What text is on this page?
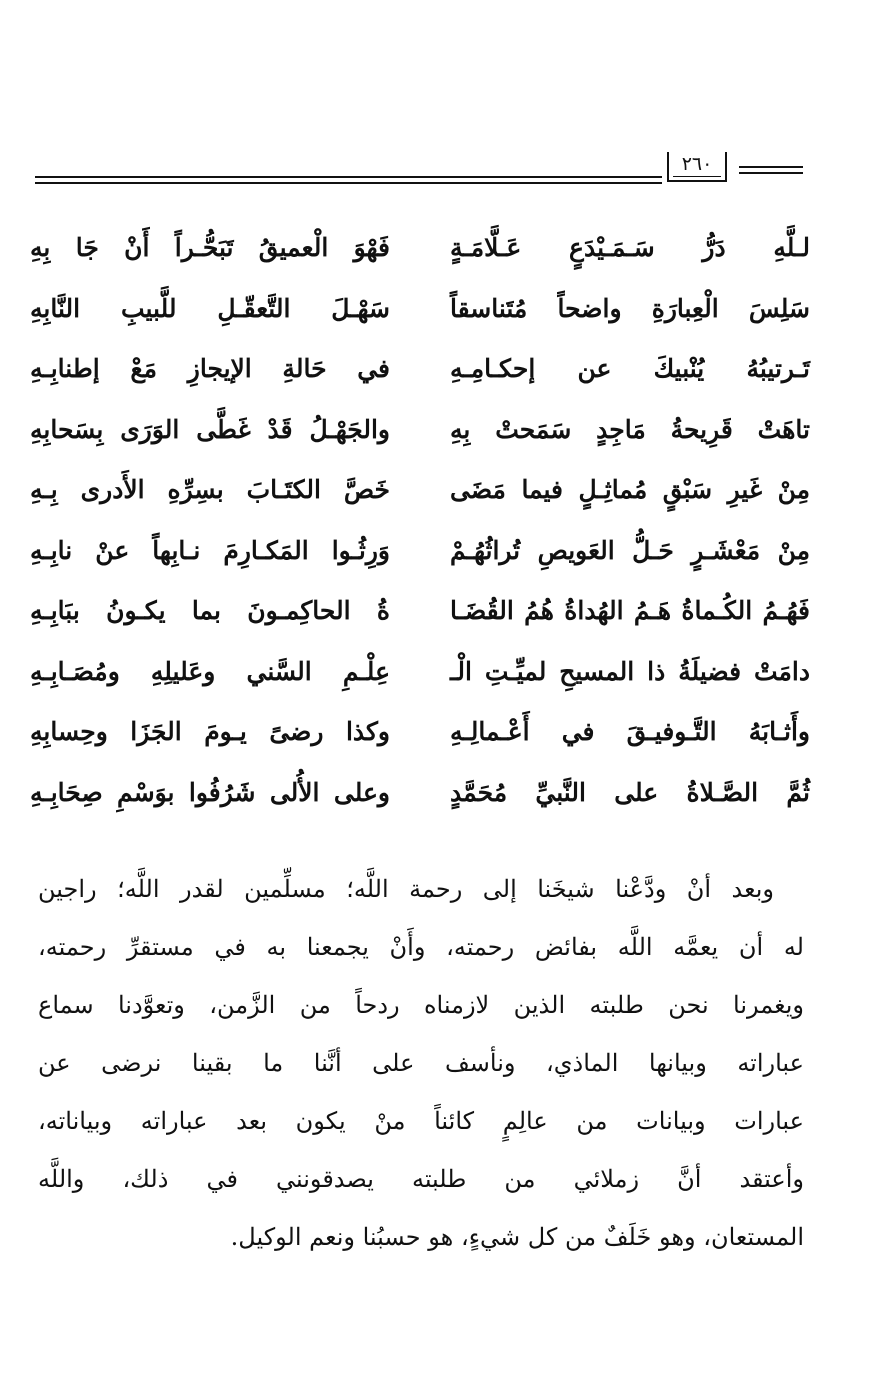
٢٦٠
لـلَّهِ دَرُّ سَـمَـيْدَعٍ عَـلَّامَـةٍ
فَهْوَ الْعميقُ تَبَحُّـراً أَنْ جَا بِهِ
سَلِسَ الْعِبارَةِ واضحاً مُتَناسقاً
سَهْـلَ التَّعقّـلِ للَّبيبِ النَّابِهِ
تَـرتيبُهُ يُنْبيكَ عن إحكـامِـهِ
في حَالةِ الإيجازِ مَعْ إطنابِـهِ
تاهَتْ قَرِيحةُ مَاجِدٍ سَمَحتْ بِهِ
والجَهْـلُ قَدْ غَطَّى الوَرَى بِسَحابِهِ
مِنْ غَيرِ سَبْقٍ مُماثِـلٍ فيما مَضَى
خَصَّ الكتَـابَ بسِرِّهِ الأَدرى بِـهِ
مِنْ مَعْشَـرٍ حَـلُّ العَويصِ تُراثُهُـمْ
وَرِثُـوا المَكـارِمَ نـابِهاً عنْ نابِـهِ
فَهُـمُ الكُـماةُ هَـمُ الهُداةُ هُمُ القُضَـا
ةُ الحاكِمـونَ بما يكـونُ ببَابِـهِ
دامَتْ فضيلَةُ ذا المسيحِ لميِّـتِ الْـ
عِلْـمِ السَّني وعَليلِهِ ومُصَـابِـهِ
وأَثـابَهُ التَّـوفيـقَ في أَعْـمالِـهِ
وكذا رضىً يـومَ الجَزَا وحِسابِهِ
ثُمَّ الصَّـلاةُ على النَّبيِّ مُحَمَّدٍ
وعلى الأُلى شَرُفُوا بوَسْمِ صِحَابِـهِ
وبعد أنْ ودَّعْنا شيخَنا إلى رحمة اللَّه؛ مسلِّمين لقدر اللَّه؛ راجين
له أن يعمَّه اللَّه بفائض رحمته، وأَنْ يجمعنا به في مستقرِّ رحمته،
ويغمرنا نحن طلبته الذين لازمناه ردحاً من الزَّمن، وتعوَّدنا سماع
عباراته وبيانها الماذي، ونأسف على أنَّنا ما بقينا نرضى عن
عبارات وبيانات من عالِمٍ كائناً منْ يكون بعد عباراته وبياناته،
وأعتقد أنَّ زملائي من طلبته يصدقونني في ذلك، واللَّه
المستعان، وهو خَلَفٌ من كل شيءٍ، هو حسبُنا ونعم الوكيل.
